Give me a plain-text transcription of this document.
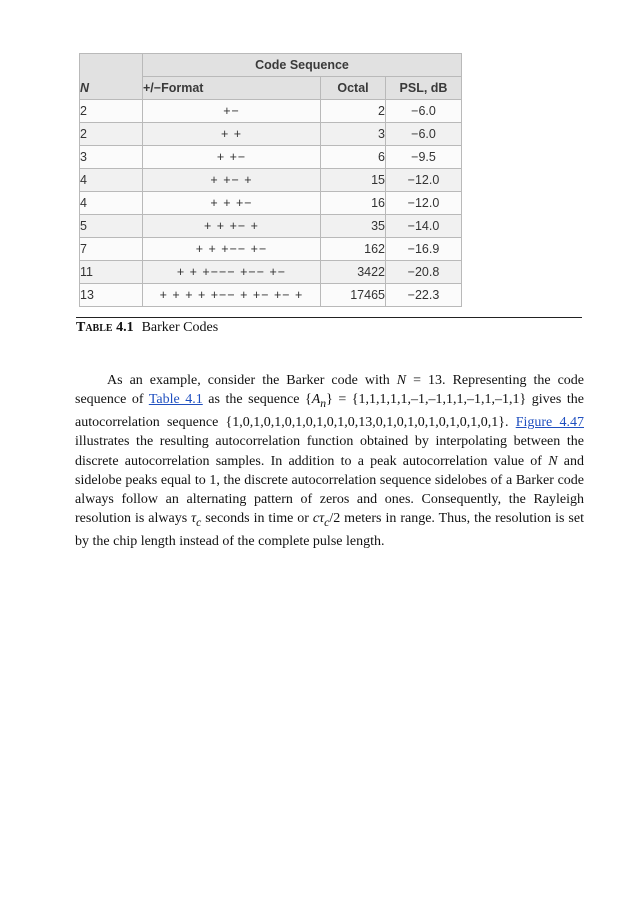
N	Code Sequence		
	+/−Format	Octal	PSL, dB
2	+−	2	−6.0
2	+ +	3	−6.0
3	+ +−	6	−9.5
4	+ +− +	15	−12.0
4	+ + +−	16	−12.0
5	+ + +− +	35	−14.0
7	+ + +−− +−	162	−16.9
11	+ + +−−− +−− +−	3422	−20.8
13	+ + + + +−− + +− +− +	17465	−22.3
Table 4.1 Barker Codes

As an example, consider the Barker code with N = 13. Representing the code sequence of Table 4.1 as the sequence $\{A_n\} = \{1,1,1,1,1,-1,-1,1,1,-1,1,-1,1\}$ gives the autocorrelation sequence {1,0,1,0,1,0,1,0,1,0,1,0,13,0,1,0,1,0,1,0,1,0,1,0,1}. Figure 4.47 illustrates the resulting autocorrelation function obtained by interpolating between the discrete autocorrelation samples. In addition to a peak autocorrelation value of N and sidelobe peaks equal to 1, the discrete autocorrelation sequence sidelobes of a Barker code always follow an alternating pattern of zeros and ones. Consequently, the Rayleigh resolution is always $\tau_c$ seconds in time or $c\tau_c/2$ meters in range. Thus, the resolution is set by the chip length instead of the complete pulse length.
